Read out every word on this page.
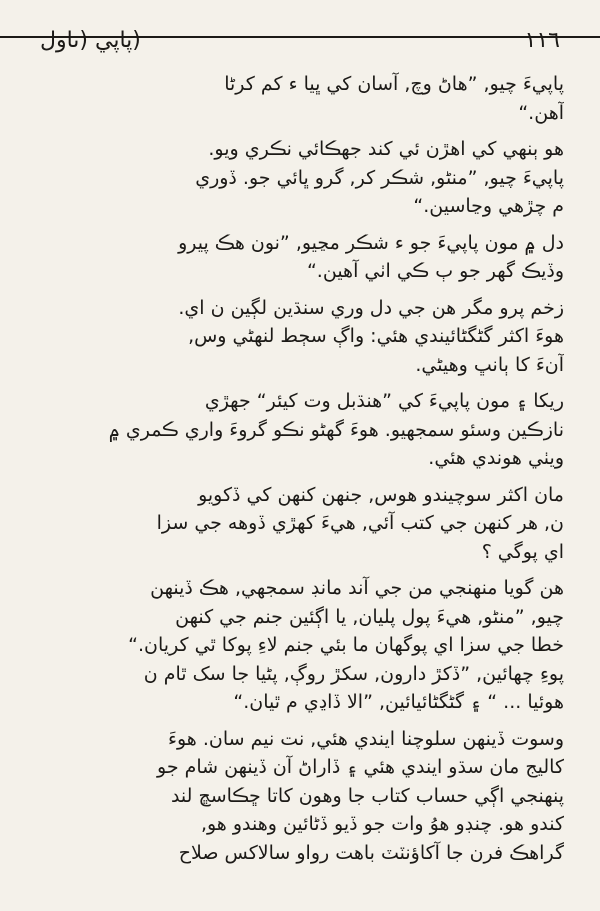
١١٦
(پاپي (ناول
پاپيءَ چيو, ”هاڻ وچ, آسان کي ڀيا ء کم کرڻا
آهن.“
هو ٻنهي کي اهڙن ئي کند جهڪائي نڪري ويو.
پاپيءَ چيو, ”منڻو, شڪر کر, گرو ڀائي جو. ڏوري
م چڙهي وڃاسين.“
دل ۾ مون پاپيءَ جو ء شڪر مڃيو, ”نون هڪ پيرو
وڏيڪ گهر جو ٻ ڪي اٺي آهين.“
زخم پرو مگر هن جي دل وري سنڌين لڳين ن اي.
هوءَ اکثر گڻگڻائيندي هئي: واڳ سڄط لنهڻي وس,
آن‏ءَ کا ٻانڀ وهيڻي.
ريکا ۽ مون پاپيءَ کي ”هنڌبل وت کيئر“ جهڙي
نازڪين وسئو سمجهيو. هوءَ گهڻو نڪو گروءَ واري ڪمري ۾
ويٺي هوندي هئي.
مان اکثر سوچيندو هوس, جنهن کنهن کي ڏکويو
ن, هر کنهن جي کتب آئي, هيءَ کهڙي ڏوهه جي سزا
اي پوگي ؟
هن گويا منهنجي من جي آند مانڊ سمجهي, هڪ ڏينهن
چيو, ”منڻو, هيءَ پول پليان, يا اڳئين جنم جي کنهن
خطا جي سزا اي پوگهان ما بئي جنم لاءِ پوکا ٿي کريان.“
پوءِ چهائين, ”ڏکڙ دارون, سکڙ روڳ, پڻيا جا سک ٿام ن
هوئيا ... “ ۽ گڻگڻائيائين, ”الا ڏاڍي م ٿيان.“
وسوت ڏينهن سلوچنا ايندي هئي, نت نيم سان. هوءَ
کاليج مان سڌو ايندي هئي ۽ ڏاراڻ آن ڏينهن شام جو
پنهنجي اڳي حساب کتاب جا وهون کاتا ڇڪاسڇ لند
کندو هو. چنڊو هوُ وات جو ڏيو ڏڻائين وهندو هو,
گراهڪ فرن جا آکاؤنٽٽ باهت رواو سالاکس صلاح
